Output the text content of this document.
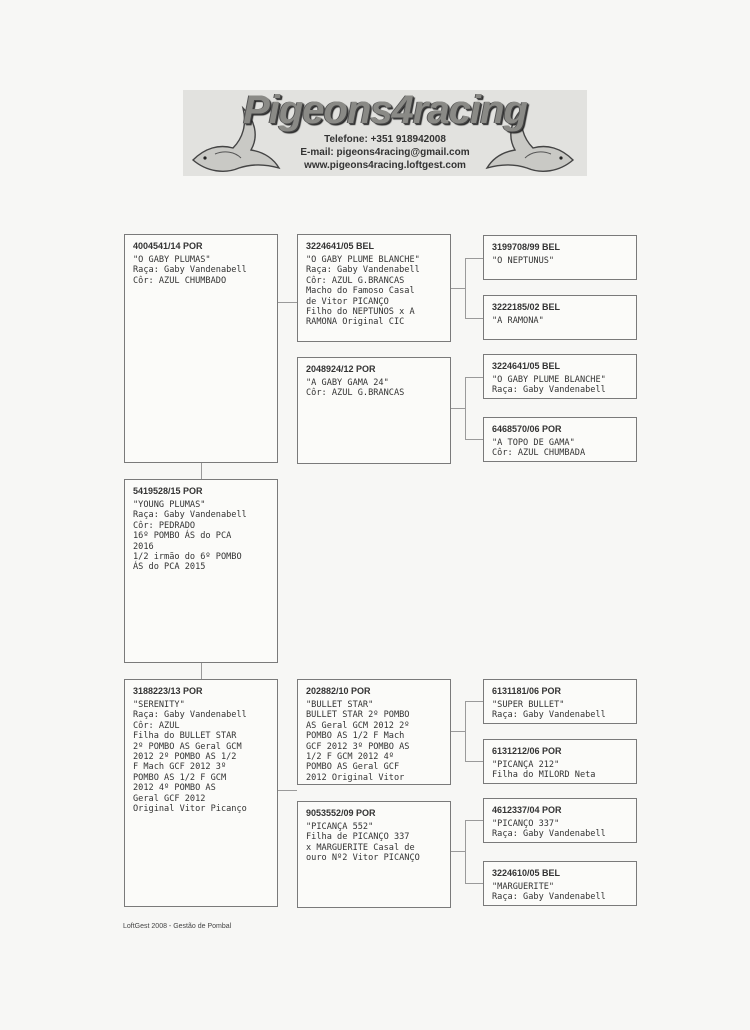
Pigeons4racing
Telefone: +351 918942008
E-mail: pigeons4racing@gmail.com
www.pigeons4racing.loftgest.com
4004541/14 POR
"O GABY PLUMAS"
Raça: Gaby Vandenabell
Côr: AZUL CHUMBADO
5419528/15 POR
"YOUNG PLUMAS"
Raça: Gaby Vandenabell
Côr: PEDRADO
16º POMBO ÁS do PCA
2016
1/2 irmão do 6º POMBO
ÁS do PCA 2015
3188223/13 POR
"SERENITY"
Raça: Gaby Vandenabell
Côr: AZUL
Filha do BULLET STAR
2º POMBO AS Geral GCM
2012 2º POMBO AS 1/2
F Mach GCF 2012 3º
POMBO AS 1/2 F GCM
2012 4º POMBO AS
Geral GCF 2012
Original Vitor Picanço
3224641/05 BEL
"O GABY PLUME BLANCHE"
Raça: Gaby Vandenabell
Côr: AZUL G.BRANCAS
Macho do Famoso Casal
de Vitor PICANÇO
Filho do NEPTUNOS x A
RAMONA Original CIC
2048924/12 POR
"A GABY GAMA 24"
Côr: AZUL G.BRANCAS
202882/10 POR
"BULLET STAR"
BULLET STAR 2º POMBO
AS Geral GCM 2012 2º
POMBO AS 1/2 F Mach
GCF 2012 3º POMBO AS
1/2 F GCM 2012 4º
POMBO AS Geral GCF
2012 Original Vitor
9053552/09 POR
"PICANÇA 552"
Filha de PICANÇO 337
x MARGUERITE Casal de
ouro Nº2 Vitor PICANÇO
3199708/99 BEL
"O NEPTUNUS"
3222185/02 BEL
"A RAMONA"
3224641/05 BEL
"O GABY PLUME BLANCHE"
Raça: Gaby Vandenabell
6468570/06 POR
"A TOPO DE GAMA"
Côr: AZUL CHUMBADA
6131181/06 POR
"SUPER BULLET"
Raça: Gaby Vandenabell
6131212/06 POR
"PICANÇA 212"
Filha do MILORD Neta
4612337/04 POR
"PICANÇO 337"
Raça: Gaby Vandenabell
3224610/05 BEL
"MARGUERITE"
Raça: Gaby Vandenabell
LoftGest 2008 - Gestão de Pombal
